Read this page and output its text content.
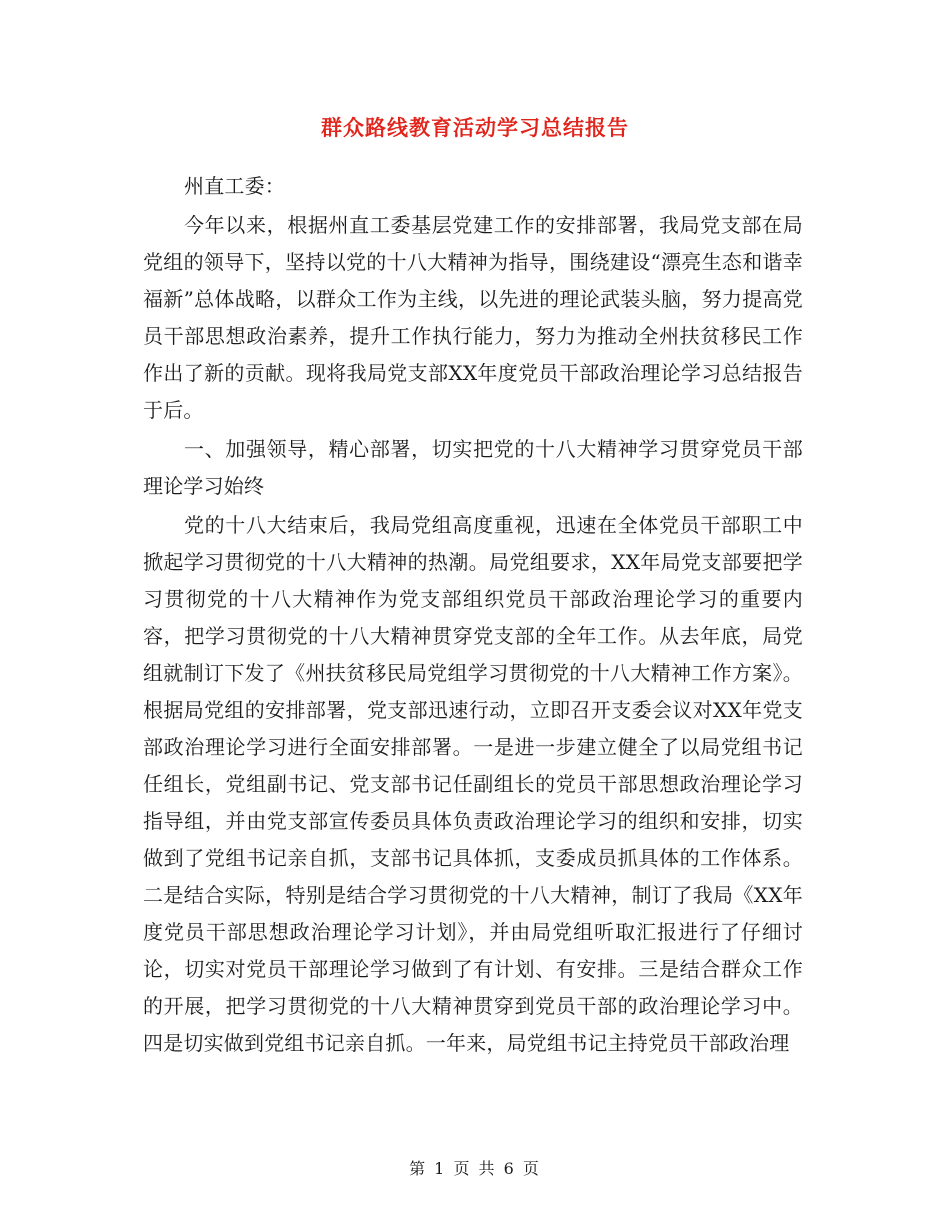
群众路线教育活动学习总结报告

州直工委：

今年以来，根据州直工委基层党建工作的安排部署，我局党支部在局党组的领导下，坚持以党的十八大精神为指导，围绕建设“漂亮生态和谐幸福新”总体战略，以群众工作为主线，以先进的理论武装头脑，努力提高党员干部思想政治素养，提升工作执行能力，努力为推动全州扶贫移民工作作出了新的贡献。现将我局党支部XX年度党员干部政治理论学习总结报告于后。

一、加强领导，精心部署，切实把党的十八大精神学习贯穿党员干部理论学习始终

党的十八大结束后，我局党组高度重视，迅速在全体党员干部职工中掀起学习贯彻党的十八大精神的热潮。局党组要求，XX年局党支部要把学习贯彻党的十八大精神作为党支部组织党员干部政治理论学习的重要内容，把学习贯彻党的十八大精神贯穿党支部的全年工作。从去年底，局党组就制订下发了《州扶贫移民局党组学习贯彻党的十八大精神工作方案》。根据局党组的安排部署，党支部迅速行动，立即召开支委会议对XX年党支部政治理论学习进行全面安排部署。一是进一步建立健全了以局党组书记任组长，党组副书记、党支部书记任副组长的党员干部思想政治理论学习指导组，并由党支部宣传委员具体负责政治理论学习的组织和安排，切实做到了党组书记亲自抓，支部书记具体抓，支委成员抓具体的工作体系。二是结合实际，特别是结合学习贯彻党的十八大精神，制订了我局《XX年度党员干部思想政治理论学习计划》，并由局党组听取汇报进行了仔细讨论，切实对党员干部理论学习做到了有计划、有安排。三是结合群众工作的开展，把学习贯彻党的十八大精神贯穿到党员干部的政治理论学习中。四是切实做到党组书记亲自抓。一年来，局党组书记主持党员干部政治理

第 1 页 共 6 页
